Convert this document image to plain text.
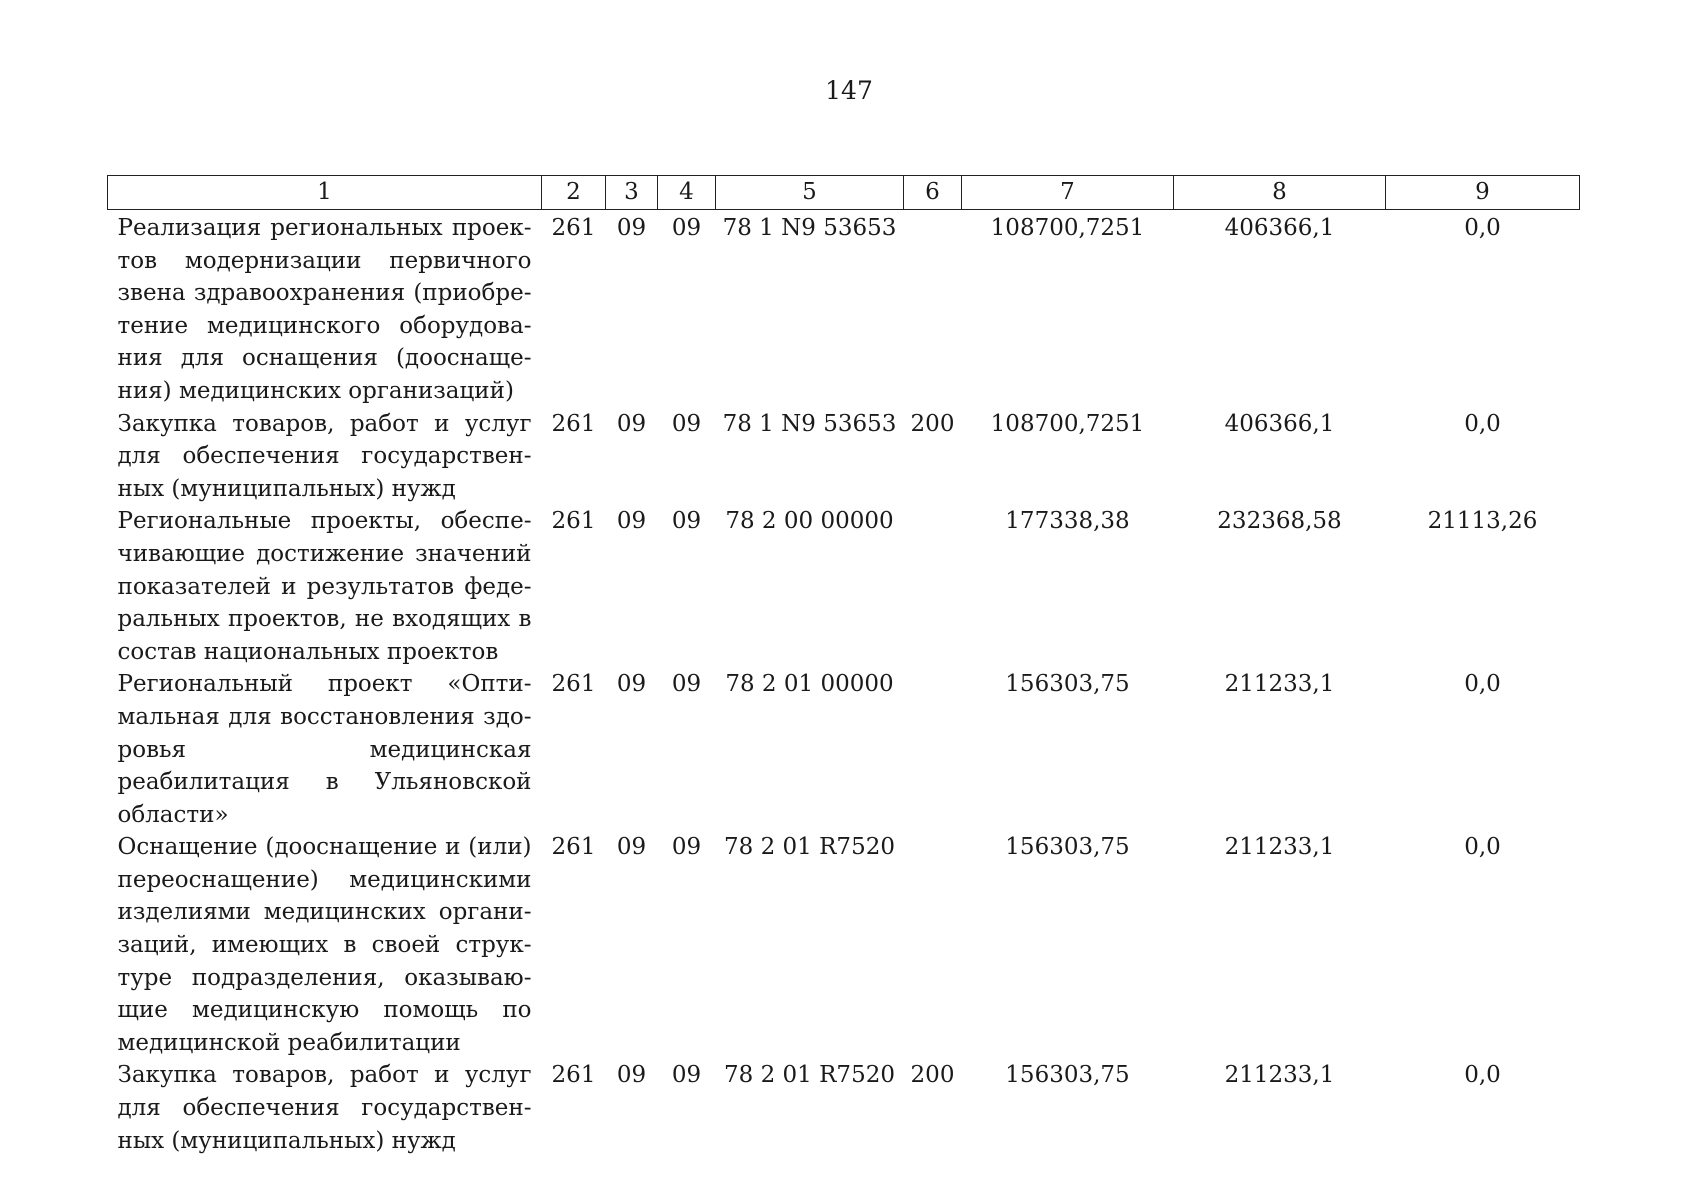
147
1	2	3	4	5	6	7	8	9
Реализация региональных проектов модернизации первичного звена здравоохранения (приобретение медицинского оборудования для оснащения (дооснащения) медицинских организаций)	261	09	09	78 1 N9 53653		108700,7251	406366,1	0,0
Закупка товаров, работ и услуг для обеспечения государственных (муниципальных) нужд	261	09	09	78 1 N9 53653	200	108700,7251	406366,1	0,0
Региональные проекты, обеспечивающие достижение значений показателей и результатов федеральных проектов, не входящих в состав национальных проектов	261	09	09	78 2 00 00000		177338,38	232368,58	21113,26
Региональный проект «Оптимальная для восстановления здоровья медицинская реабилитация в Ульяновской области»	261	09	09	78 2 01 00000		156303,75	211233,1	0,0
Оснащение (дооснащение и (или) переоснащение) медицинскими изделиями медицинских организаций, имеющих в своей структуре подразделения, оказывающие медицинскую помощь по медицинской реабилитации	261	09	09	78 2 01 R7520		156303,75	211233,1	0,0
Закупка товаров, работ и услуг для обеспечения государственных (муниципальных) нужд	261	09	09	78 2 01 R7520	200	156303,75	211233,1	0,0
